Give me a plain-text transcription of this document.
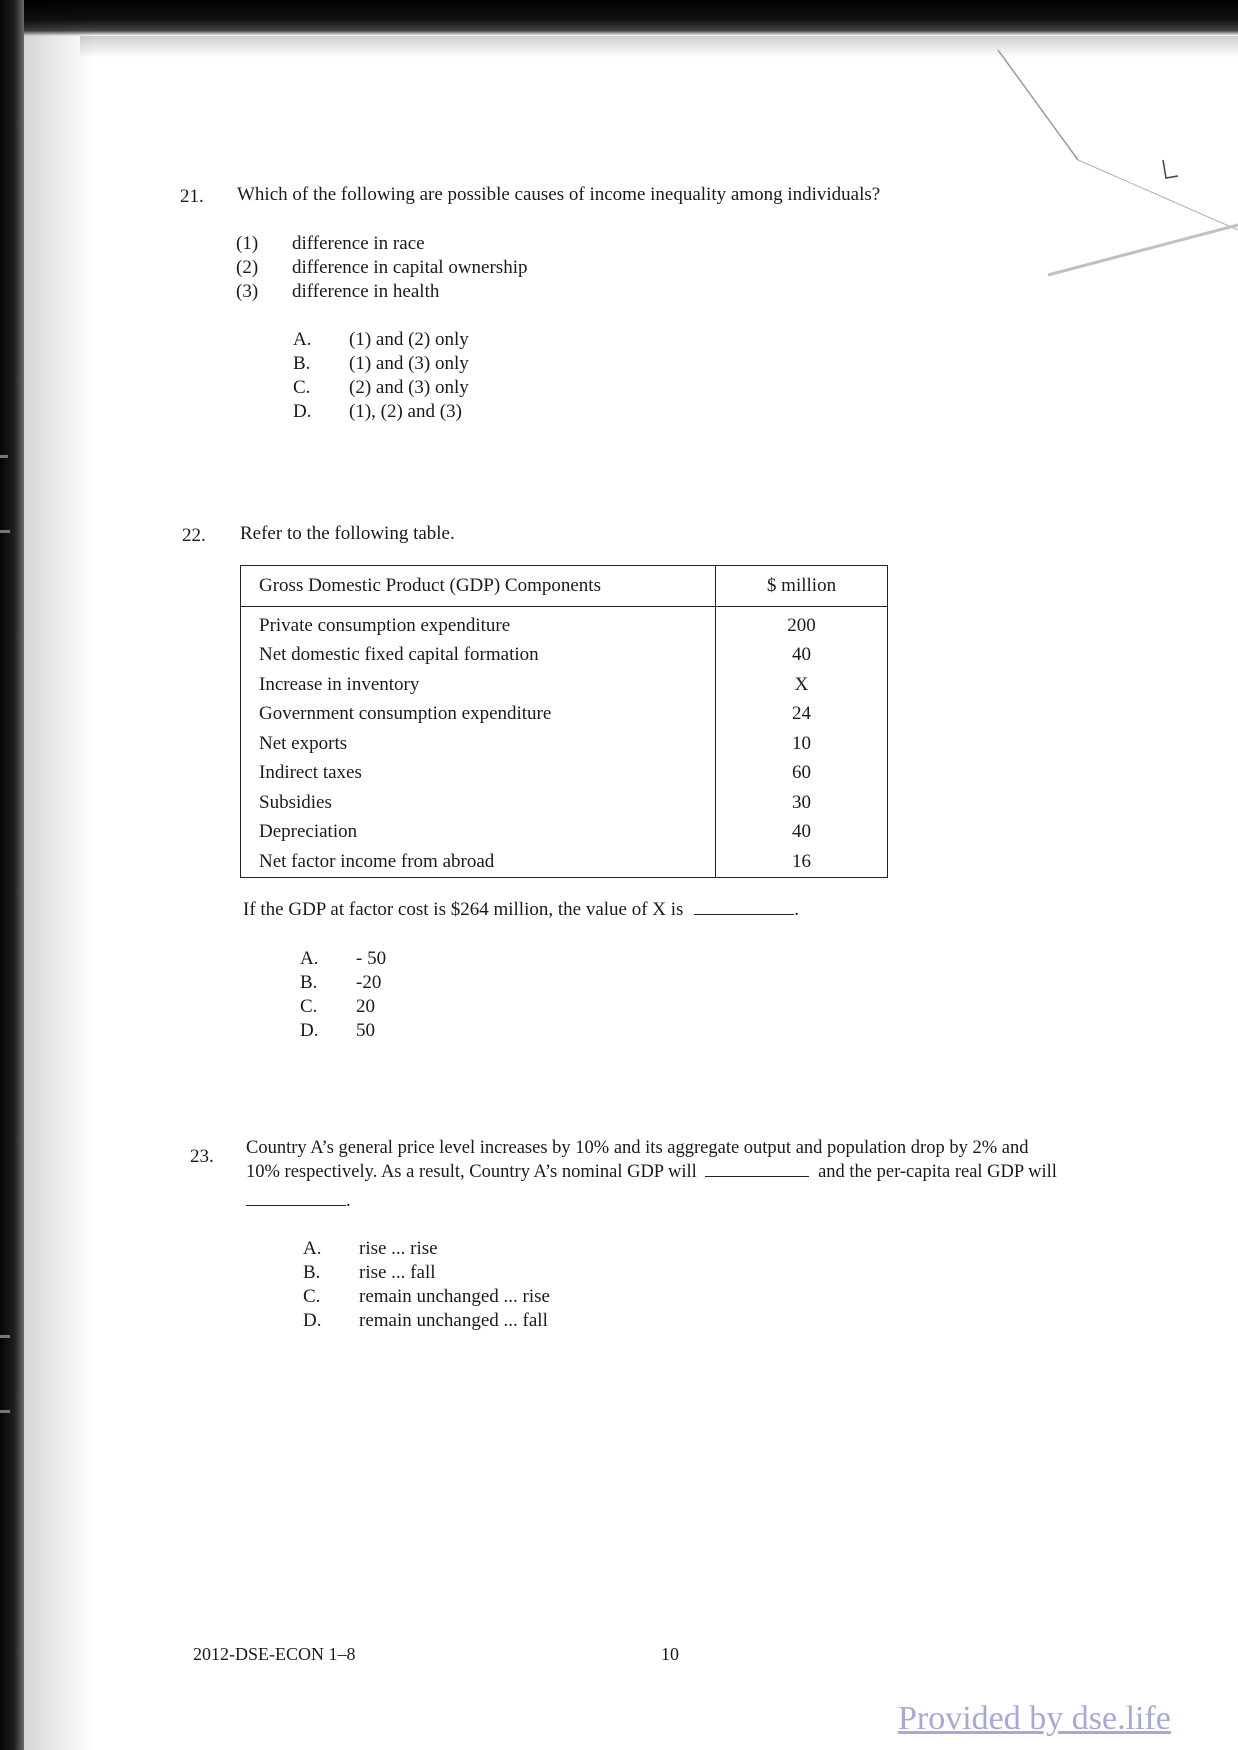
21. Which of the following are possible causes of income inequality among individuals?
(1) difference in race
(2) difference in capital ownership
(3) difference in health
A. (1) and (2) only
B. (1) and (3) only
C. (2) and (3) only
D. (1), (2) and (3)
22. Refer to the following table.
Gross Domestic Product (GDP) Components	$ million
Private consumption expenditure	200
Net domestic fixed capital formation	40
Increase in inventory	X
Government consumption expenditure	24
Net exports	10
Indirect taxes	60
Subsidies	30
Depreciation	40
Net factor income from abroad	16
If the GDP at factor cost is $264 million, the value of X is	.
A. - 50
B. -20
C. 20
D. 50
23. Country A’s general price level increases by 10% and its aggregate output and population drop by 2% and
10% respectively. As a result, Country A’s nominal GDP will	and the per-capita real GDP will
.
A. rise ... rise
B. rise ... fall
C. remain unchanged ... rise
D. remain unchanged ... fall
2012-DSE-ECON 1–8	10
Provided by dse.life
